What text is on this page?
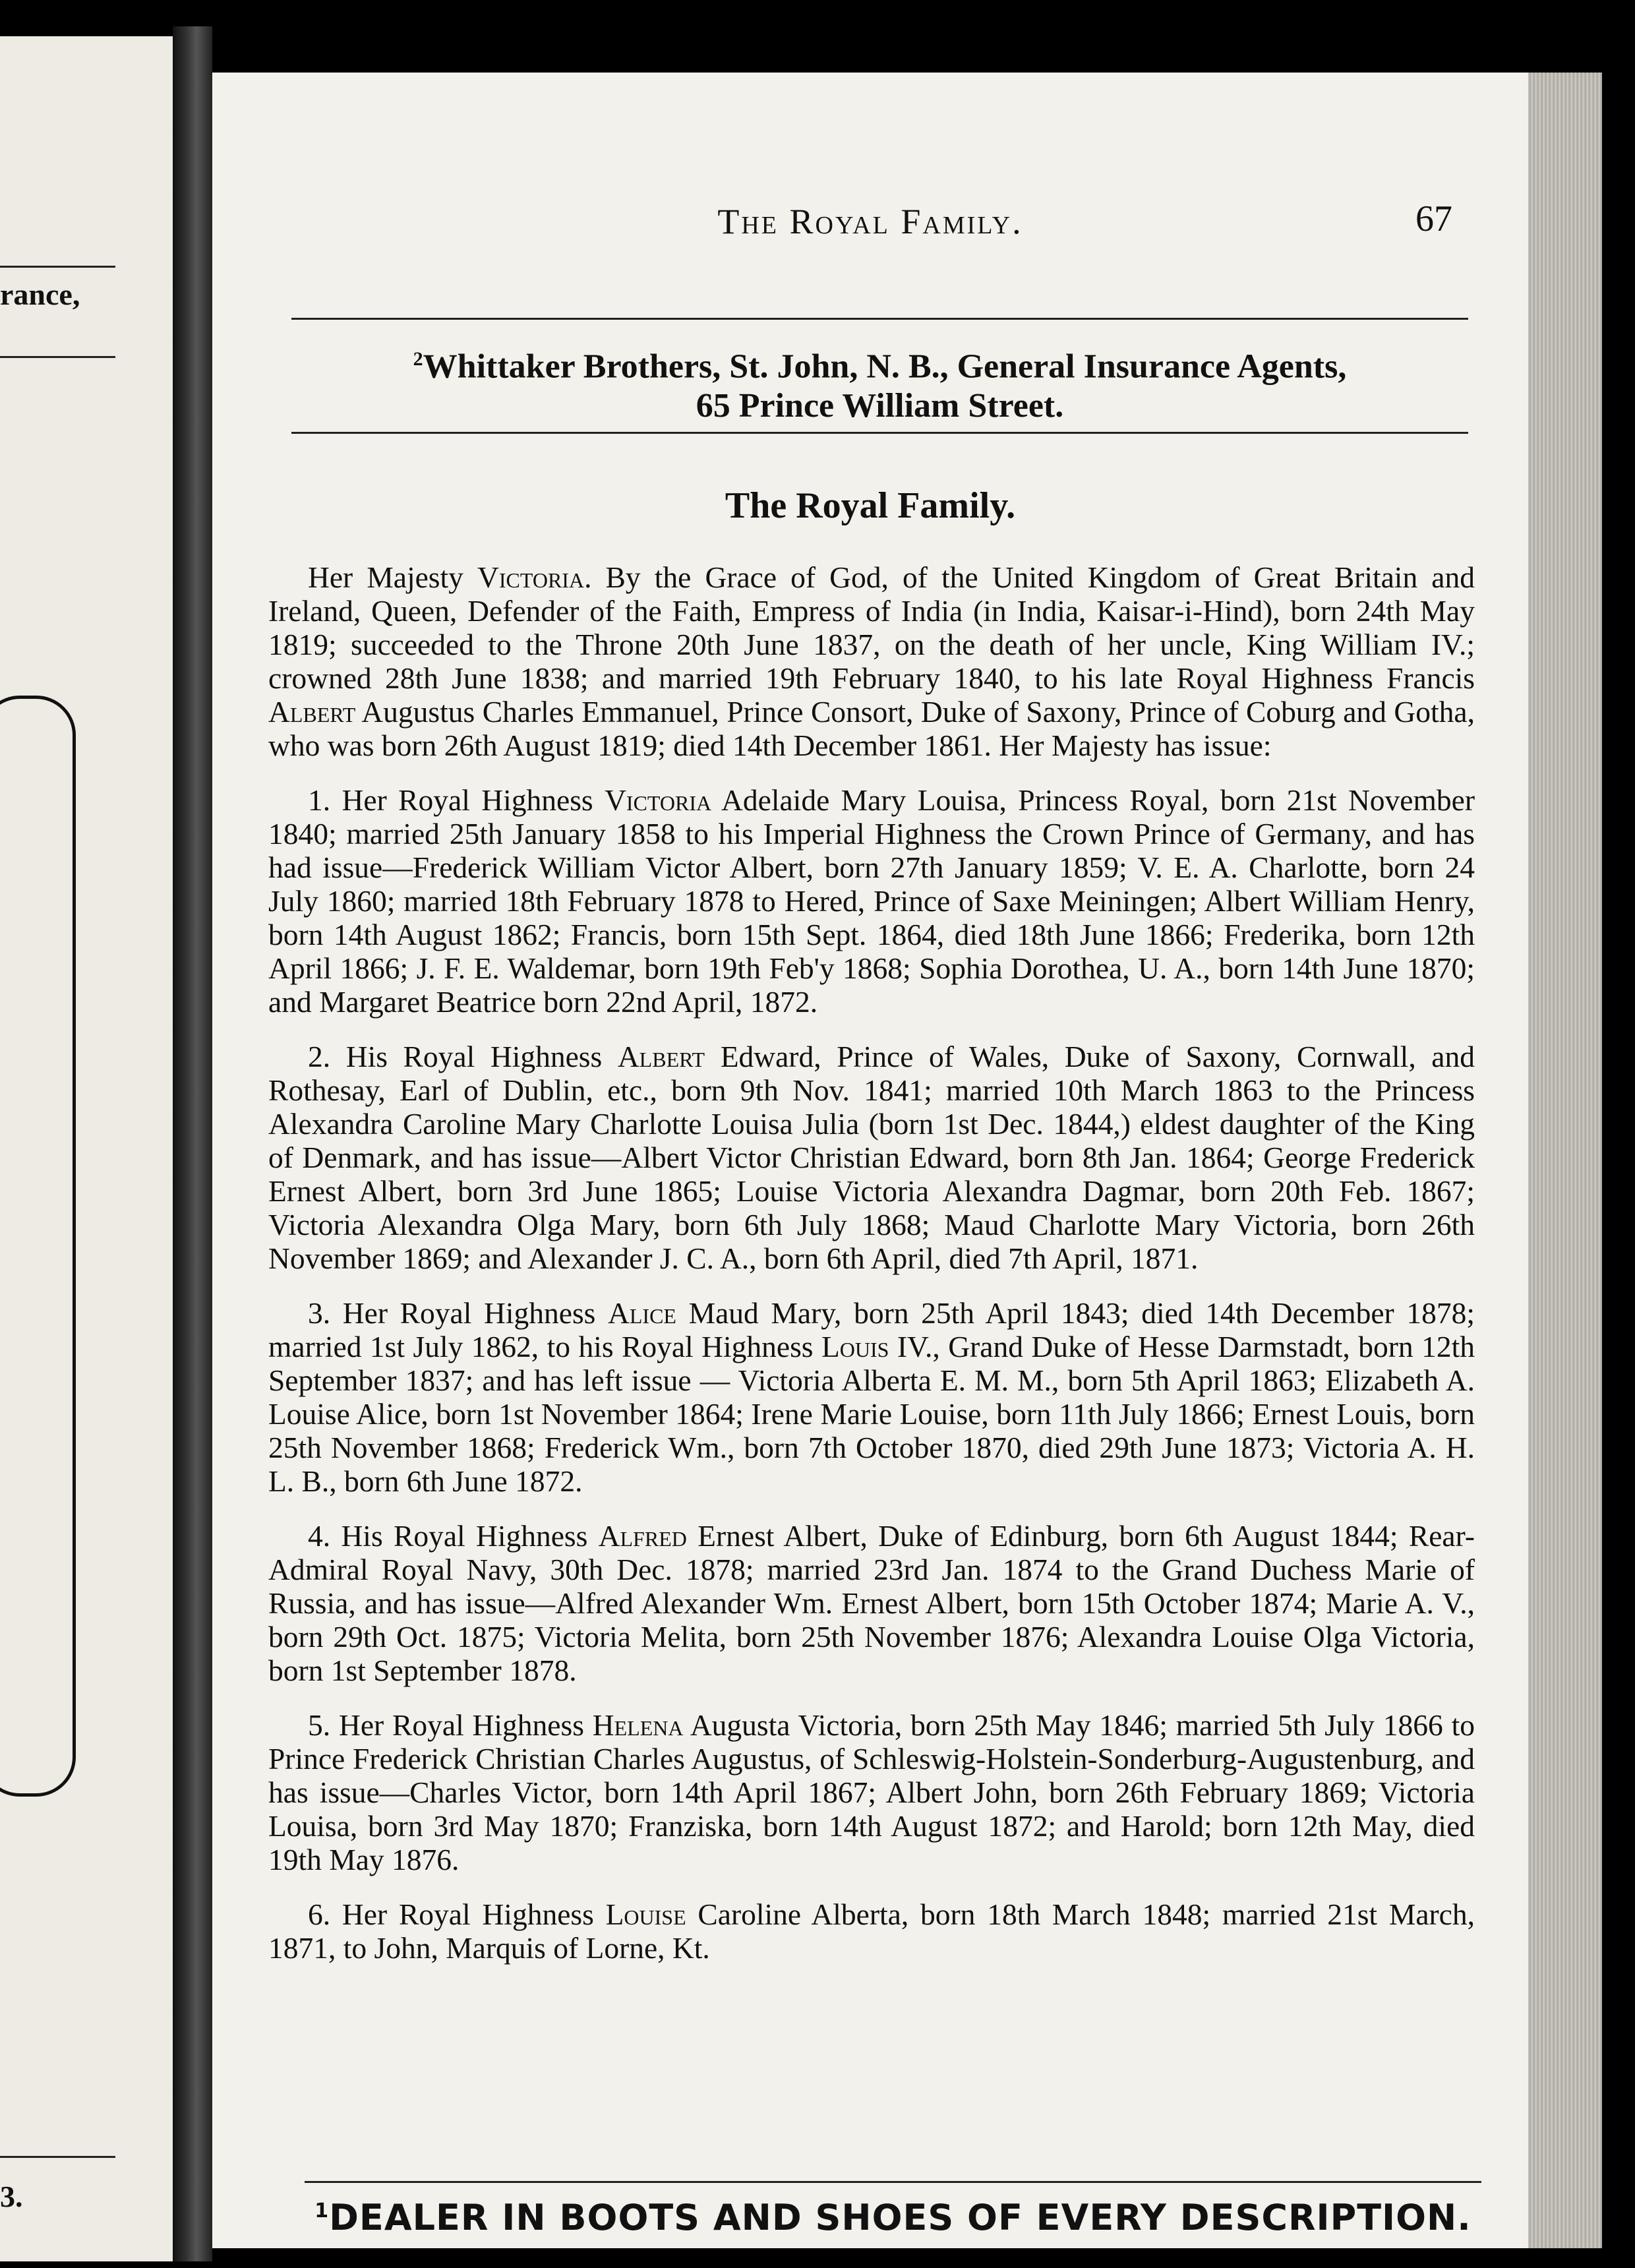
rance,
3.
The Royal Family.	67
$^2$Whittaker Brothers, St. John, N. B., General Insurance Agents,
65 Prince William Street.
The Royal Family.

Her Majesty Victoria. By the Grace of God, of the United Kingdom of Great Britain and Ireland, Queen, Defender of the Faith, Empress of India (in India, Kaisar-i-Hind), born 24th May 1819; succeeded to the Throne 20th June 1837, on the death of her uncle, King William IV.; crowned 28th June 1838; and married 19th February 1840, to his late Royal Highness Francis Albert Augustus Charles Emmanuel, Prince Consort, Duke of Saxony, Prince of Coburg and Gotha, who was born 26th August 1819; died 14th December 1861. Her Majesty has issue:

1. Her Royal Highness Victoria Adelaide Mary Louisa, Princess Royal, born 21st November 1840; married 25th January 1858 to his Imperial Highness the Crown Prince of Germany, and has had issue—Frederick William Victor Albert, born 27th January 1859; V. E. A. Charlotte, born 24 July 1860; married 18th February 1878 to Hered, Prince of Saxe Meiningen; Albert William Henry, born 14th August 1862; Francis, born 15th Sept. 1864, died 18th June 1866; Frederika, born 12th April 1866; J. F. E. Waldemar, born 19th Feb'y 1868; Sophia Dorothea, U. A., born 14th June 1870; and Margaret Beatrice born 22nd April, 1872.

2. His Royal Highness Albert Edward, Prince of Wales, Duke of Saxony, Cornwall, and Rothesay, Earl of Dublin, etc., born 9th Nov. 1841; married 10th March 1863 to the Princess Alexandra Caroline Mary Charlotte Louisa Julia (born 1st Dec. 1844,) eldest daughter of the King of Denmark, and has issue—Albert Victor Christian Edward, born 8th Jan. 1864; George Frederick Ernest Albert, born 3rd June 1865; Louise Victoria Alexandra Dagmar, born 20th Feb. 1867; Victoria Alexandra Olga Mary, born 6th July 1868; Maud Charlotte Mary Victoria, born 26th November 1869; and Alexander J. C. A., born 6th April, died 7th April, 1871.

3. Her Royal Highness Alice Maud Mary, born 25th April 1843; died 14th December 1878; married 1st July 1862, to his Royal Highness Louis IV., Grand Duke of Hesse Darmstadt, born 12th September 1837; and has left issue — Victoria Alberta E. M. M., born 5th April 1863; Elizabeth A. Louise Alice, born 1st November 1864; Irene Marie Louise, born 11th July 1866; Ernest Louis, born 25th November 1868; Frederick Wm., born 7th October 1870, died 29th June 1873; Victoria A. H. L. B., born 6th June 1872.

4. His Royal Highness Alfred Ernest Albert, Duke of Edinburg, born 6th August 1844; Rear-Admiral Royal Navy, 30th Dec. 1878; married 23rd Jan. 1874 to the Grand Duchess Marie of Russia, and has issue—Alfred Alexander Wm. Ernest Albert, born 15th October 1874; Marie A. V., born 29th Oct. 1875; Victoria Melita, born 25th November 1876; Alexandra Louise Olga Victoria, born 1st September 1878.

5. Her Royal Highness Helena Augusta Victoria, born 25th May 1846; married 5th July 1866 to Prince Frederick Christian Charles Augustus, of Schleswig-Holstein-Sonderburg-Augustenburg, and has issue—Charles Victor, born 14th April 1867; Albert John, born 26th February 1869; Victoria Louisa, born 3rd May 1870; Franziska, born 14th August 1872; and Harold; born 12th May, died 19th May 1876.

6. Her Royal Highness Louise Caroline Alberta, born 18th March 1848; married 21st March, 1871, to John, Marquis of Lorne, Kt.

$^1$DEALER IN BOOTS AND SHOES OF EVERY DESCRIPTION.
